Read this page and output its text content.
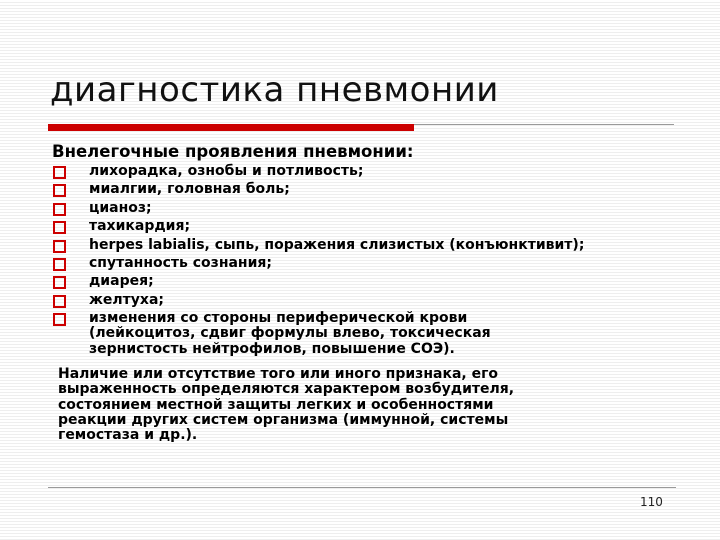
диагностика пневмонии
Внелегочные проявления пневмонии:
лихорадка, ознобы и потливость;
миалгии, головная боль;
цианоз;
тахикардия;
herpes labialis, сыпь, поражения слизистых (конъюнктивит);
спутанность сознания;
диарея;
желтуха;
изменения со стороны периферической крови
(лейкоцитоз, сдвиг формулы влево, токсическая
зернистость нейтрофилов, повышение СОЭ).
Наличие или отсутствие того или иного признака, его
выраженность определяются характером возбудителя,
состоянием местной защиты легких и особенностями
реакции других систем организма (иммунной, системы
гемостаза и др.).
110
